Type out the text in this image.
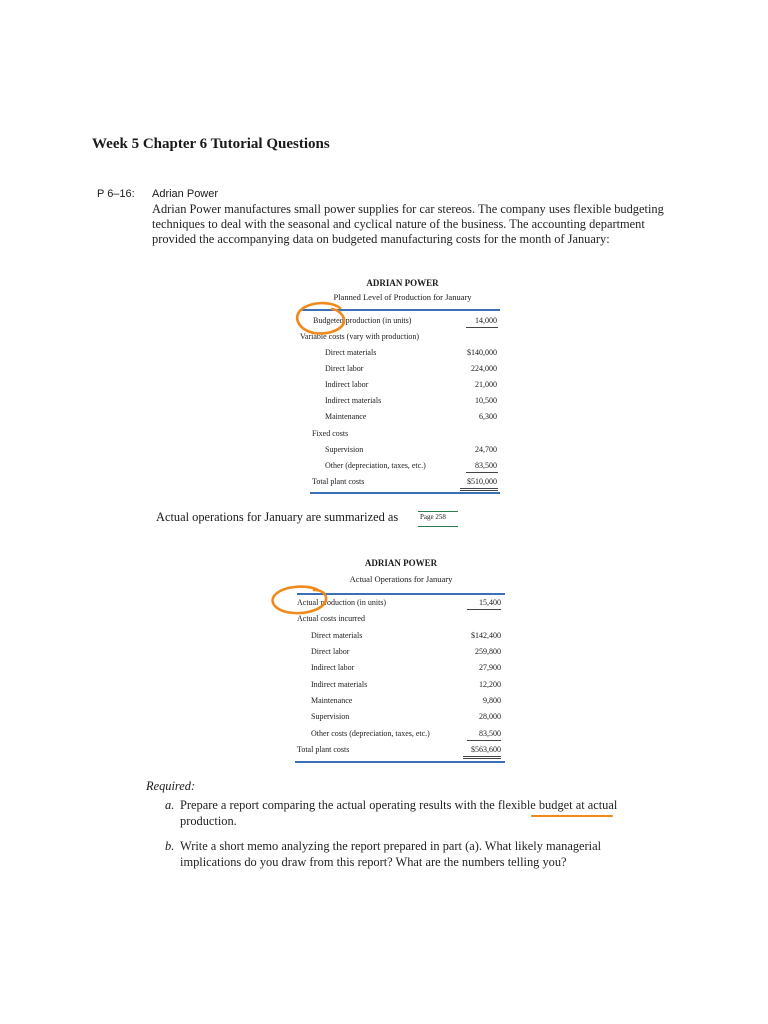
Week 5 Chapter 6 Tutorial Questions
P 6–16: Adrian Power
Adrian Power manufactures small power supplies for car stereos. The company uses flexible budgeting
techniques to deal with the seasonal and cyclical nature of the business. The accounting department
provided the accompanying data on budgeted manufacturing costs for the month of January:
ADRIAN POWER
Planned Level of Production for January
Budgeted production (in units)	14,000
Variable costs (vary with production)
Direct materials	$140,000
Direct labor	224,000
Indirect labor	21,000
Indirect materials	10,500
Maintenance	6,300
Fixed costs
Supervision	24,700
Other (depreciation, taxes, etc.)	83,500
Total plant costs	$510,000
Actual operations for January are summarized as	Page 258
ADRIAN POWER
Actual Operations for January
Actual production (in units)	15,400
Actual costs incurred
Direct materials	$142,400
Direct labor	259,800
Indirect labor	27,900
Indirect materials	12,200
Maintenance	9,800
Supervision	28,000
Other costs (depreciation, taxes, etc.)	83,500
Total plant costs	$563,600
Required:
a. Prepare a report comparing the actual operating results with the flexible budget at actual
production.
b. Write a short memo analyzing the report prepared in part (a). What likely managerial
implications do you draw from this report? What are the numbers telling you?
